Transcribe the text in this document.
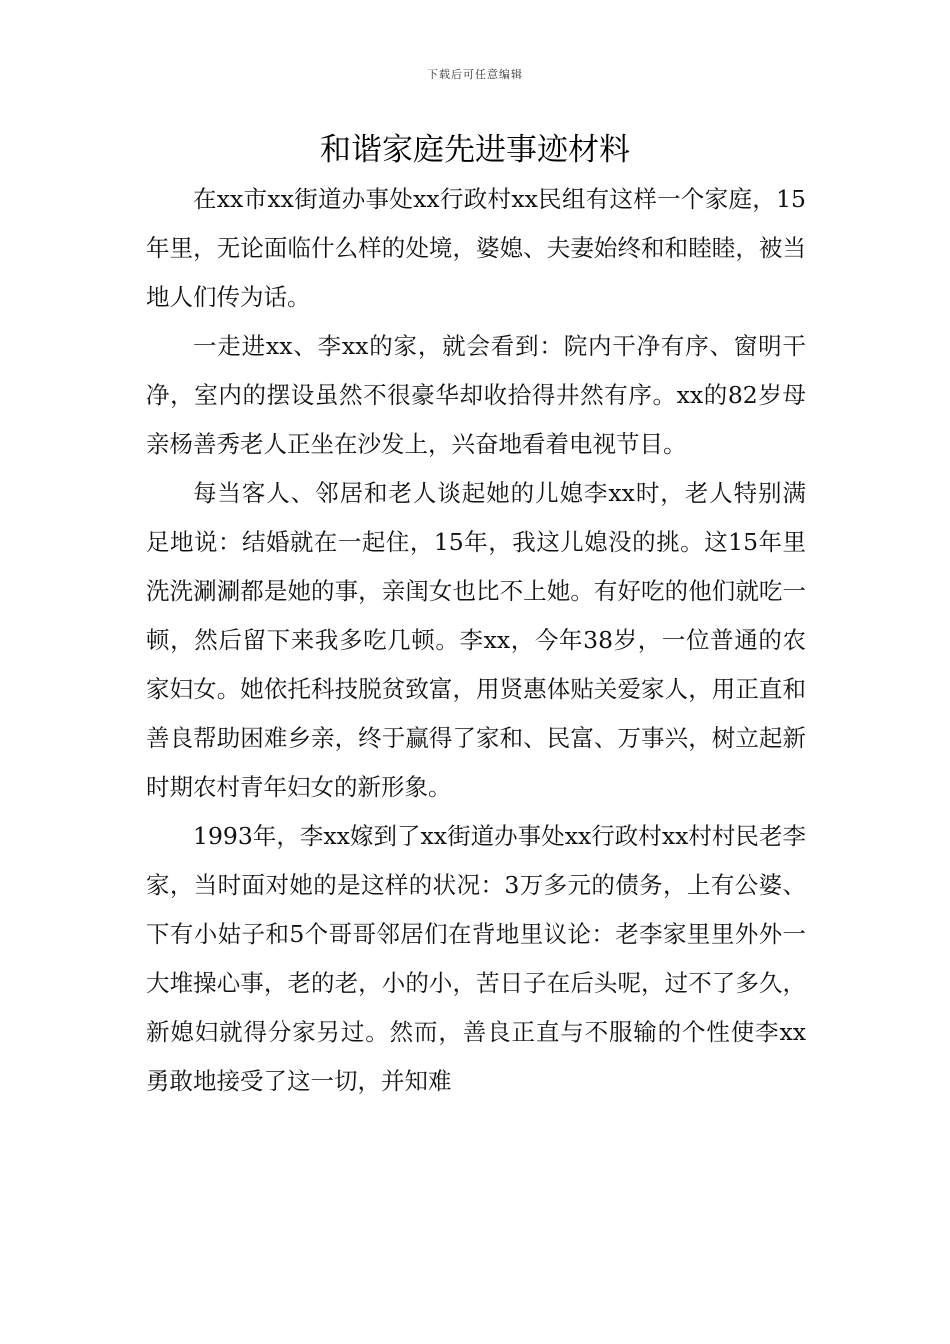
下载后可任意编辑
和谐家庭先进事迹材料

在xx市xx街道办事处xx行政村xx民组有这样一个家庭，15年里，无论面临什么样的处境，婆媳、夫妻始终和和睦睦，被当地人们传为话。

一走进xx、李xx的家，就会看到：院内干净有序、窗明干净，室内的摆设虽然不很豪华却收拾得井然有序。xx的82岁母亲杨善秀老人正坐在沙发上，兴奋地看着电视节目。

每当客人、邻居和老人谈起她的儿媳李xx时，老人特别满足地说：结婚就在一起住，15年，我这儿媳没的挑。这15年里洗洗涮涮都是她的事，亲闺女也比不上她。有好吃的他们就吃一顿，然后留下来我多吃几顿。李xx，今年38岁，一位普通的农家妇女。她依托科技脱贫致富，用贤惠体贴关爱家人，用正直和善良帮助困难乡亲，终于赢得了家和、民富、万事兴，树立起新时期农村青年妇女的新形象。

1993年，李xx嫁到了xx街道办事处xx行政村xx村村民老李家，当时面对她的是这样的状况：3万多元的债务，上有公婆、下有小姑子和5个哥哥邻居们在背地里议论：老李家里里外外一大堆操心事，老的老，小的小，苦日子在后头呢，过不了多久，新媳妇就得分家另过。然而，善良正直与不服输的个性使李xx勇敢地接受了这一切，并知难
